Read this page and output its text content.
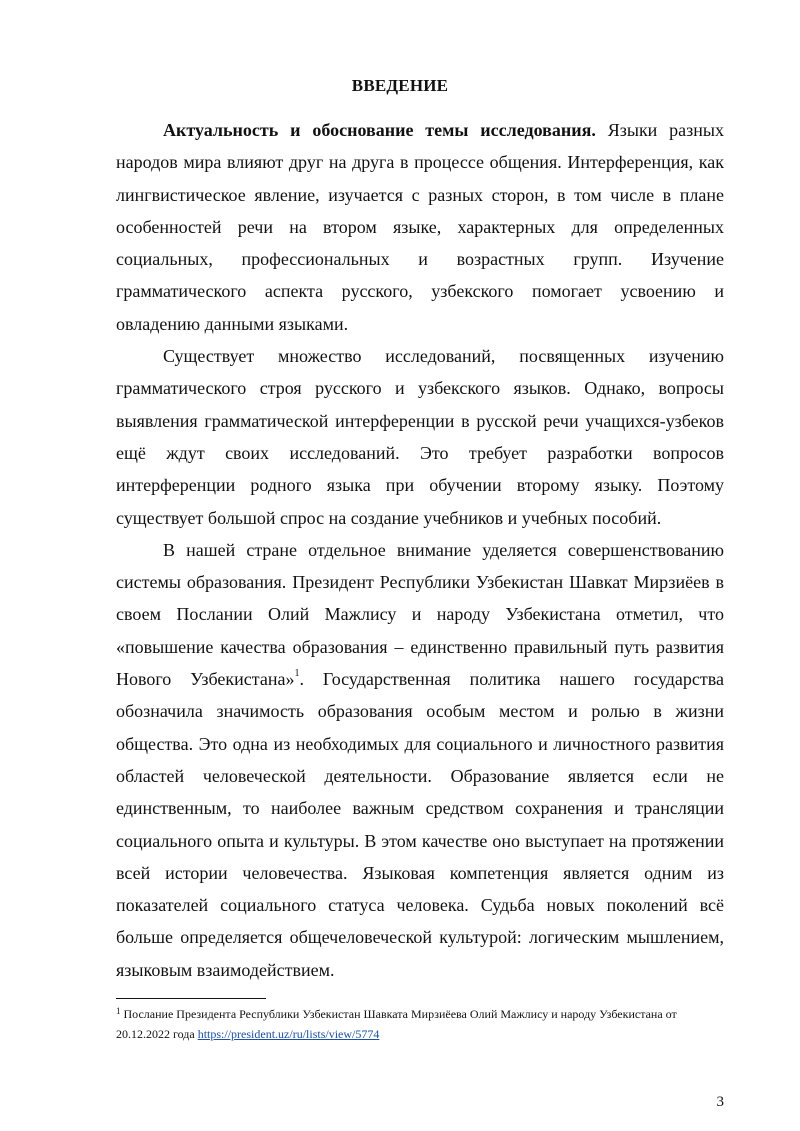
ВВЕДЕНИЕ

Актуальность и обоснование темы исследования. Языки разных народов мира влияют друг на друга в процессе общения. Интерференция, как лингвистическое явление, изучается с разных сторон, в том числе в плане особенностей речи на втором языке, характерных для определенных социальных, профессиональных и возрастных групп. Изучение грамматического аспекта русского, узбекского помогает усвоению и овладению данными языками.

Существует множество исследований, посвященных изучению грамматического строя русского и узбекского языков. Однако, вопросы выявления грамматической интерференции в русской речи учащихся-узбеков ещё ждут своих исследований. Это требует разработки вопросов интерференции родного языка при обучении второму языку. Поэтому существует большой спрос на создание учебников и учебных пособий.

В нашей стране отдельное внимание уделяется совершенствованию системы образования. Президент Республики Узбекистан Шавкат Мирзиёев в своем Послании Олий Мажлису и народу Узбекистана отметил, что «повышение качества образования – единственно правильный путь развития Нового Узбекистана»$^1$. Государственная политика нашего государства обозначила значимость образования особым местом и ролью в жизни общества. Это одна из необходимых для социального и личностного развития областей человеческой деятельности. Образование является если не единственным, то наиболее важным средством сохранения и трансляции социального опыта и культуры. В этом качестве оно выступает на протяжении всей истории человечества. Языковая компетенция является одним из показателей социального статуса человека. Судьба новых поколений всё больше определяется общечеловеческой культурой: логическим мышлением, языковым взаимодействием.

$^1$ Послание Президента Республики Узбекистан Шавката Мирзиёева Олий Мажлису и народу Узбекистана от 20.12.2022 года https://president.uz/ru/lists/view/5774
3
